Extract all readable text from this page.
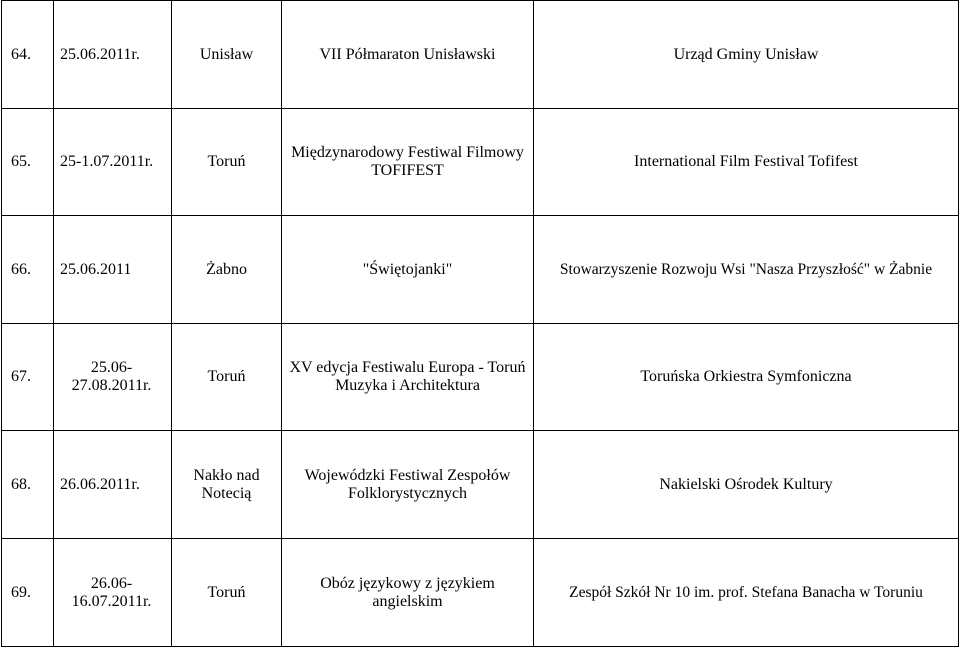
64.	25.06.2011r.	Unisław	VII Półmaraton Unisławski	Urząd Gminy Unisław
65.	25-1.07.2011r.	Toruń	Międzynarodowy Festiwal Filmowy TOFIFEST	International Film Festival Tofifest
66.	25.06.2011	Żabno	"Świętojanki"	Stowarzyszenie Rozwoju Wsi "Nasza Przyszłość" w Żabnie
67.	25.06- 27.08.2011r.	Toruń	XV edycja Festiwalu Europa - Toruń Muzyka i Architektura	Toruńska Orkiestra Symfoniczna
68.	26.06.2011r.	Nakło nad Notecią	Wojewódzki Festiwal Zespołów Folklorystycznych	Nakielski Ośrodek Kultury
69.	26.06- 16.07.2011r.	Toruń	Obóz językowy z językiem angielskim	Zespół Szkół Nr 10 im. prof. Stefana Banacha w Toruniu
